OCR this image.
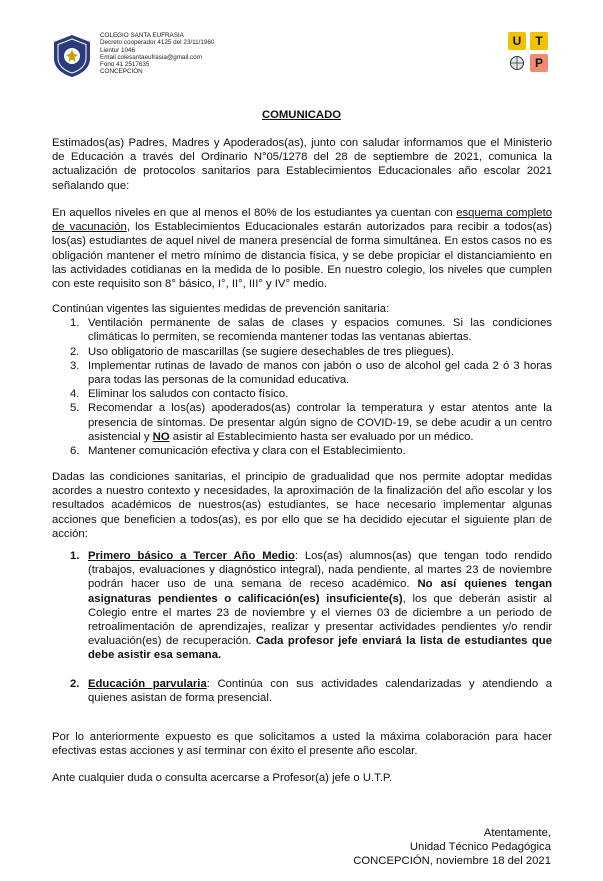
COLEGIO SANTA EUFRASIA
Decreto cooperador 4125 del 23/11/1960
Lientur 1046
Email colesantaeufrasia@gmail.com
Fono 41 2517635
CONCEPCIÓN
U	T
P
COMUNICADO

Estimados(as) Padres, Madres y Apoderados(as), junto con saludar informamos que el Ministerio de Educación a través del Ordinario N°05/1278 del 28 de septiembre de 2021, comunica la actualización de protocolos sanitarios para Establecimientos Educacionales año escolar 2021 señalando que:

En aquellos niveles en que al menos el 80% de los estudiantes ya cuentan con esquema completo de vacunación, los Establecimientos Educacionales estarán autorizados para recibir a todos(as) los(as) estudiantes de aquel nivel de manera presencial de forma simultánea. En estos casos no es obligación mantener el metro mínimo de distancia física, y se debe propiciar el distanciamiento en las actividades cotidianas en la medida de lo posible. En nuestro colegio, los niveles que cumplen con este requisito son 8° básico, I°, II°, III° y IV° medio.

Continúan vigentes las siguientes medidas de prevención sanitaria:

1. Ventilación permanente de salas de clases y espacios comunes. Si las condiciones climáticas lo permiten, se recomienda mantener todas las ventanas abiertas.
2. Uso obligatorio de mascarillas (se sugiere desechables de tres pliegues).
3. Implementar rutinas de lavado de manos con jabón o uso de alcohol gel cada 2 ó 3 horas para todas las personas de la comunidad educativa.
4. Eliminar los saludos con contacto físico.
5. Recomendar a los(as) apoderados(as) controlar la temperatura y estar atentos ante la presencia de síntomas. De presentar algún signo de COVID-19, se debe acudir a un centro asistencial y NO asistir al Establecimiento hasta ser evaluado por un médico.
6. Mantener comunicación efectiva y clara con el Establecimiento.

Dadas las condiciones sanitarias, el principio de gradualidad que nos permite adoptar medidas acordes a nuestro contexto y necesidades, la aproximación de la finalización del año escolar y los resultados académicos de nuestros(as) estudiantes, se hace necesario implementar algunas acciones que beneficien a todos(as), es por ello que se ha decidido ejecutar el siguiente plan de acción:

1. Primero básico a Tercer Año Medio: Los(as) alumnos(as) que tengan todo rendido (trabajos, evaluaciones y diagnóstico integral), nada pendiente, al martes 23 de noviembre podrán hacer uso de una semana de receso académico. No así quienes tengan asignaturas pendientes o calificación(es) insuficiente(s), los que deberán asistir al Colegio entre el martes 23 de noviembre y el viernes 03 de diciembre a un periodo de retroalimentación de aprendizajes, realizar y presentar actividades pendientes y/o rendir evaluación(es) de recuperación. Cada profesor jefe enviará la lista de estudiantes que debe asistir esa semana.
2. Educación parvularia: Continúa con sus actividades calendarizadas y atendiendo a quienes asistan de forma presencial.

Por lo anteriormente expuesto es que solicitamos a usted la máxima colaboración para hacer efectivas estas acciones y así terminar con éxito el presente año escolar.

Ante cualquier duda o consulta acercarse a Profesor(a) jefe o U.T.P.

Atentamente,
Unidad Técnico Pedagógica
CONCEPCIÓN, noviembre 18 del 2021
